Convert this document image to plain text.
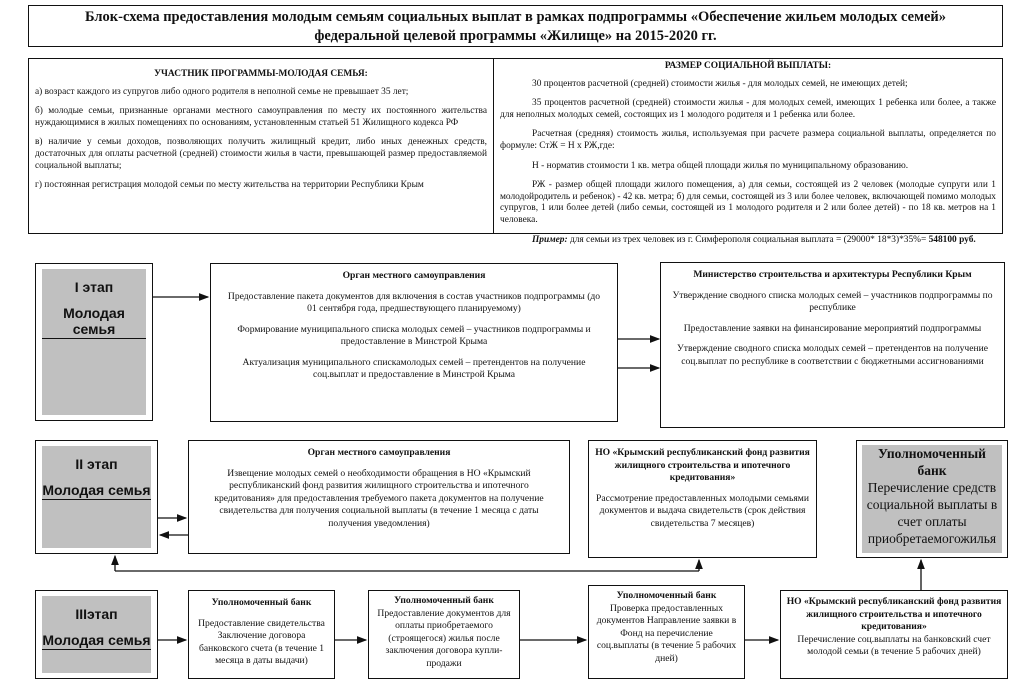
Блок-схема предоставления молодым семьям социальных выплат в рамках подпрограммы «Обеспечение жильем молодых семей»
федеральной целевой программы «Жилище» на 2015-2020 гг.
УЧАСТНИК ПРОГРАММЫ-МОЛОДАЯ СЕМЬЯ:

а) возраст каждого из супругов либо одного родителя в неполной семье не превышает 35 лет;

б) молодые семьи, признанные органами местного самоуправления по месту их постоянного жительства нуждающимися в жилых помещениях по основаниям, установленным статьей 51 Жилищного кодекса РФ

в) наличие у семьи доходов, позволяющих получить жилищный кредит, либо иных денежных средств, достаточных для оплаты расчетной (средней) стоимости жилья в части, превышающей размер предоставляемой социальной выплаты;

г) постоянная регистрация молодой семьи по месту жительства на территории Республики Крым

РАЗМЕР СОЦИАЛЬНОЙ ВЫПЛАТЫ:

30 процентов расчетной (средней) стоимости жилья - для молодых семей, не имеющих детей;

35 процентов расчетной (средней) стоимости жилья - для молодых семей, имеющих 1 ребенка или более, а также для неполных молодых семей, состоящих из 1 молодого родителя и 1 ребенка или более.

Расчетная (средняя) стоимость жилья, используемая при расчете размера социальной выплаты, определяется по формуле: СтЖ = Н х РЖ,где:

Н - норматив стоимости 1 кв. метра общей площади жилья по муниципальному образованию.

РЖ - размер общей площади жилого помещения, а) для семьи, состоящей из 2 человек (молодые супруги или 1 молодойродитель и ребенок) - 42 кв. метра; б) для семьи, состоящей из 3 или более человек, включающей помимо молодых супругов, 1 или более детей (либо семьи, состоящей из 1 молодого родителя и 2 или более детей) - по 18 кв. метров на 1 человека.

Пример: для семьи из трех человек из г. Симферополя социальная выплата = (29000* 18*3)*35%= 548100 руб.

I этап
Молодая семья
II этап
Молодая семья
IIIэтап
Молодая семья
Орган местного самоуправления

Предоставление пакета документов для включения в состав участников подпрограммы (до 01 сентября года, предшествующего планируемому)

Формирование муниципального списка молодых семей – участников подпрограммы и предоставление в Минстрой Крыма

Актуализация муниципального спискамолодых семей – претендентов на получение соц.выплат и предоставление в Минстрой Крыма

Министерство строительства и архитектуры Республики Крым

Утверждение сводного списка молодых семей – участников подпрограммы по республике

Предоставление заявки на финансирование мероприятий подпрограммы

Утверждение сводного списка молодых семей – претендентов на получение соц.выплат по республике в соответствии с бюджетными ассигнованиями

Орган местного самоуправления

Извещение молодых семей о необходимости обращения в НО «Крымский республиканский фонд развития жилищного строительства и ипотечного кредитования» для предоставления требуемого пакета документов на получение свидетельства для получения социальной выплаты (в течение 1 месяца с даты получения уведомления)

НО «Крымский республиканский фонд развития жилищного строительства и ипотечного кредитования»

Рассмотрение предоставленных молодыми семьями документов и выдача свидетельств (срок действия свидетельства 7 месяцев)

Уполномоченный банк
Перечисление средств социальной выплаты в счет оплаты приобретаемогожилья
Уполномоченный банк

Предоставление свидетельства Заключение договора банковского счета (в течение 1 месяца в даты выдачи)

Уполномоченный банк

Предоставление документов для оплаты приобретаемого (строящегося) жилья после заключения договора купли-продажи

Уполномоченный банк

Проверка предоставленных документов Направление заявки в Фонд на перечисление соц.выплаты (в течение 5 рабочих дней)

НО «Крымский республиканский фонд развития жилищного строительства и ипотечного кредитования»

Перечисление соц.выплаты на банковский счет молодой семьи (в течение 5 рабочих дней)
